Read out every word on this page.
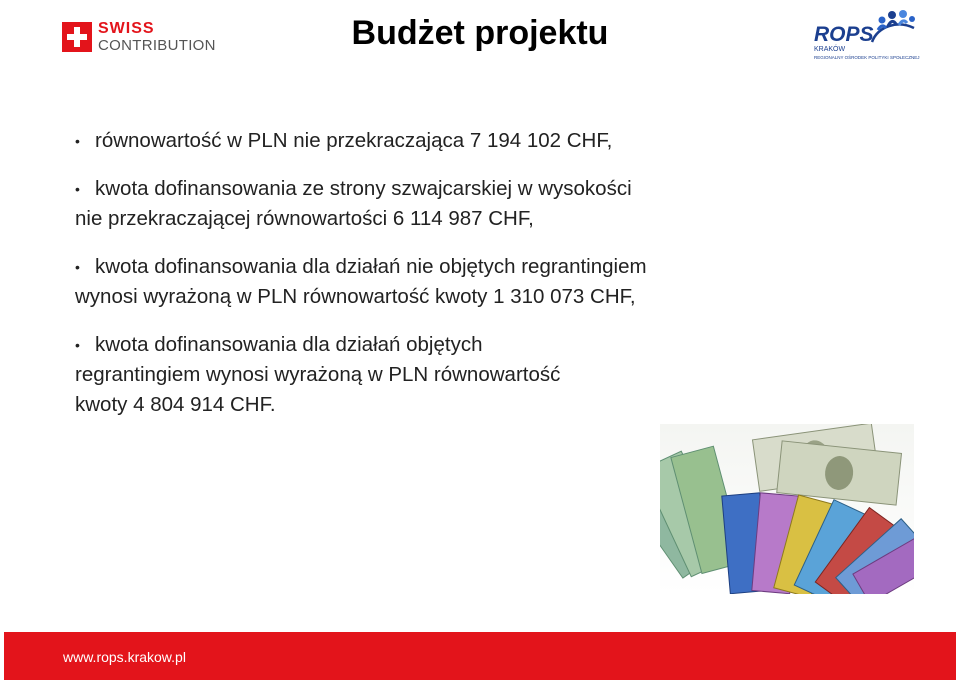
SWISS
CONTRIBUTION	Budżet projektu	ROPS
KRAKÓW
REGIONALNY OŚRODEK POLITYKI SPOŁECZNEJ
• równowartość w PLN nie przekraczająca 7 194 102 CHF,
• kwota dofinansowania ze strony szwajcarskiej w wysokości
nie przekraczającej równowartości 6 114 987 CHF,
• kwota dofinansowania dla działań nie objętych regrantingiem
wynosi wyrażoną w PLN równowartość kwoty 1 310 073 CHF,
• kwota dofinansowania dla działań objętych
regrantingiem wynosi wyrażoną w PLN równowartość
kwoty 4 804 914 CHF.
www.rops.krakow.pl
